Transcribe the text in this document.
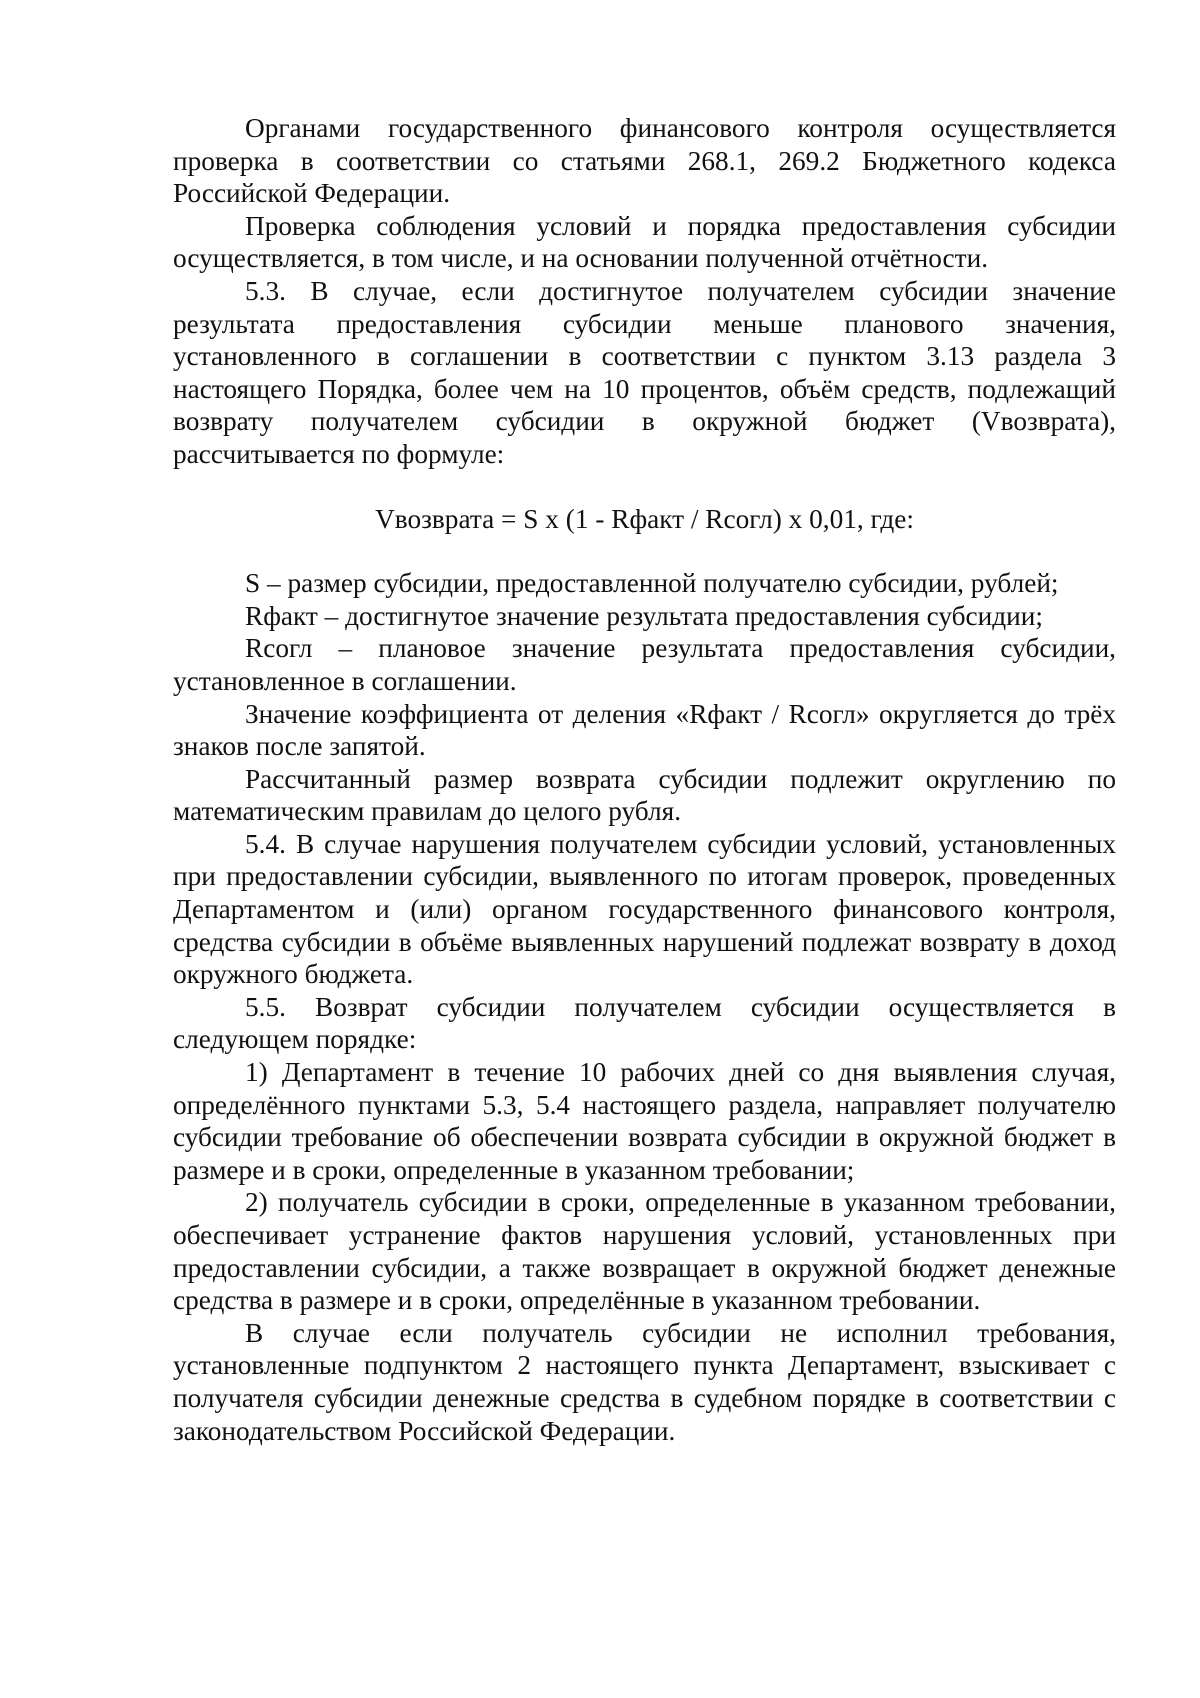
Органами государственного финансового контроля осуществляется проверка в соответствии со статьями 268.1, 269.2 Бюджетного кодекса Российской Федерации.

Проверка соблюдения условий и порядка предоставления субсидии осуществляется, в том числе, и на основании полученной отчётности.

5.3. В случае, если достигнутое получателем субсидии значение результата предоставления субсидии меньше планового значения, установленного в соглашении в соответствии с пунктом 3.13 раздела 3 настоящего Порядка, более чем на 10 процентов, объём средств, подлежащий возврату получателем субсидии в окружной бюджет (Vвозврата), рассчитывается по формуле:

Vвозврата = S x (1 - Rфакт / Rсогл) x 0,01, где:

S – размер субсидии, предоставленной получателю субсидии, рублей;

Rфакт – достигнутое значение результата предоставления субсидии;

Rсогл – плановое значение результата предоставления субсидии, установленное в соглашении.

Значение коэффициента от деления «Rфакт / Rсогл» округляется до трёх знаков после запятой.

Рассчитанный размер возврата субсидии подлежит округлению по математическим правилам до целого рубля.

5.4. В случае нарушения получателем субсидии условий, установленных при предоставлении субсидии, выявленного по итогам проверок, проведенных Департаментом и (или) органом государственного финансового контроля, средства субсидии в объёме выявленных нарушений подлежат возврату в доход окружного бюджета.

5.5. Возврат субсидии получателем субсидии осуществляется в следующем порядке:

1) Департамент в течение 10 рабочих дней со дня выявления случая, определённого пунктами 5.3, 5.4 настоящего раздела, направляет получателю субсидии требование об обеспечении возврата субсидии в окружной бюджет в размере и в сроки, определенные в указанном требовании;

2) получатель субсидии в сроки, определенные в указанном требовании, обеспечивает устранение фактов нарушения условий, установленных при предоставлении субсидии, а также возвращает в окружной бюджет денежные средства в размере и в сроки, определённые в указанном требовании.

В случае если получатель субсидии не исполнил требования, установленные подпунктом 2 настоящего пункта Департамент, взыскивает с получателя субсидии денежные средства в судебном порядке в соответствии с законодательством Российской Федерации.
